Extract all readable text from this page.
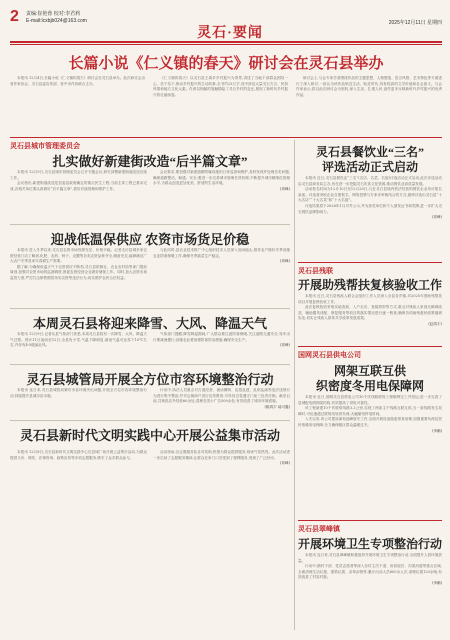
2 责编:崔艳蓉 校对:李君莉
E-mail:lcxbjb024@163.com	2025年12月11日 星期四
灵石·要闻
长篇小说《仁义镇的春天》研讨会在灵石县举办

本报讯 12月4日,长篇小说《仁义镇的春天》研讨会在灵石县举办。此次研讨会由省作家协会、灵石县委宣传部、晋中市作协联合主办。

《仁义镇的春天》以灵石县王禹乡乡村振兴为背景,讲述了当地干部群众团结一心、苦干实干,推动乡村振兴的生动故事,全书约23万字,其中涉及大量灵石方言、民俗风情和地方文化元素。作者以细腻的笔触描绘了灵石乡村的变迁,展现了新时代乡村振兴的壮丽画卷。

研讨会上,与会专家学者围绕作品的主题思想、人物塑造、语言风格、艺术特色等方面进行了深入研讨,一致认为该作品贴近生活、贴近时代,具有较高的文学价值和社会意义。与会作家表示,将以此次研讨会为契机,深入生活、扎根人民,创作更多反映新时代乡村振兴的优秀作品。

灵石县城市管理委员会
扎实做好新建街改造“后半篇文章”

本报讯 12月9日,灵石县城市管理委员会召开专题会议,研究部署新建街道改造后续工作。

会议指出,新建街道改造是县委县政府确定的重点民生工程,当前主体工程已基本完成,各相关单位要认真做好“后半篇文章”,抓好后续管理和维护工作。

会议要求,要加强对新建道路附属设施的日常巡查和维护,及时发现并处理各类问题,确保道路整洁、畅通、安全;要进一步完善城市管理长效机制,不断提升城市精细化管理水平,为群众创造更加优美、舒适的生活环境。

(刘峰)
迎战低温保供应 农资市场货足价稳

本报讯 进入冬季以来,灵石县农资市场货源充足、价格平稳。记者走访县城多家农资经营门店了解到,化肥、农药、种子、农膜等各类农资品种齐全,储备充足,能够满足广大农户冬季及来年春耕生产需要。

据了解,为确保低温天气下农资供应不断档,灵石县供销社、农业农村局等部门提前谋划,加强对农资市场的监测调度,督促农资经营企业做好储备工作。同时,加大农资市场监管力度,严厉打击制售假冒伪劣农资等违法行为,切实维护农民合法权益。

与此同时,县农业技术推广中心组织技术人员深入田间地头,指导农户做好冬季设施农业防寒保暖工作,确保冬季蔬菜生产稳定。

(刘峰)
本周灵石县将迎来降雪、大风、降温天气

本报讯 12月9日,记者从县气象部门获悉,本周灵石县将有一次降雪、大风、降温天气过程。预计11日夜间至12日,全县有小雪,气温下降明显,最低气温可达零下10℃左右,并伴有4-5级偏北风。

气象部门提醒,降雪降温期间,广大群众要注意防寒保暖,关注道路交通安全,驾车出行要减速慢行;设施农业要加强防寒防冻措施,确保安全生产。

(刘峰)
灵石县城管局开展全方位市容环境整治行动

本报讯 连日来,灵石县城管局紧盯市容环境突出问题,开展全方位市容环境整治行动,持续提升县城市容市貌。

行动中,执法人员重点对占道经营、流动摊贩、乱搭乱建、乱贴乱画等违法违规行为进行集中整治,并对沿街商户进行宣传教育,引导其自觉遵守门前三包责任制。截至目前,共规范店外经营60余处,清理各类小广告500余处,有效改善了城市环境面貌。

(姚鸿宇 郝可鑫)
灵石县新时代文明实践中心开展公益集市活动

本报讯 12月8日,灵石县新时代文明实践中心在县城广场开展公益集市活动,为群众提供义诊、理发、法律咨询、政策宣传等多项志愿服务,吸引了众多群众参与。

活动现场,各志愿服务队各司其职,热情为群众提供服务,现场气氛热烈。此次活动进一步弘扬了志愿服务精神,让群众在家门口享受到了便利服务,受到了广泛好评。

(刘峰)
灵石县餐饮业“三名”
评选活动正式启动

本报讯 近日,灵石县餐饮业“三名”(名店、名菜、名厨)评选活动正式启动,此次评选活动由灵石县商务局主办,旨在进一步挖掘灵石饮食文化资源,推动餐饮业高质量发展。

活动报名时间为12月10日至12月20日,凡在灵石县境内依法经营的餐饮企业均可报名参加。评选将采取企业自愿报名、网络投票与专家评审相结合的方式,最终评选出灵石县“十大名店”“十大名菜”和“十大名厨”。

评选结果将于2026年1月对外公示,并为获奖单位和个人颁发证书和奖牌,进一步扩大灵石餐饮品牌影响力。

(刘峰)
灵石县残联
开展助残帮扶复核验收工作

本报讯 近日,灵石县残疾人联合会组织工作人员深入全县各乡镇,对2025年度助残帮扶项目开展复核验收工作。

此次复核验收采取实地查看、入户走访、查阅资料等方式,重点对残疾人家庭无障碍改造、辅助器具适配、康复服务等项目的落实情况进行逐一核查,确保各项助残惠民政策落到实处,切实让残疾人群体共享改革发展成果。

(赵鸿宇)
国网灵石县供电公司
网架互联互供
织密度冬用电保障网

本报讯 近日,国网灵石县供电公司10千伏线路联络工程顺利完工并投运,进一步完善了县城配电网网架结构,有效提高了供电可靠性。

该工程新建10千伏联络线路3.2公里,实现了两条主干线路互联互供,当一条线路发生故障时,可迅速通过联络线转供负荷,大幅缩短停电时间。

入冬以来,该公司提前谋划迎峰度冬工作,全面开展设备隐患排查治理,加强重要负荷及居民取暖用电保障,全力确保辖区群众温暖过冬。

(李鹏)
灵石县翠峰镇
开展环境卫生专项整治行动

本报讯 连日来,灵石县翠峰镇积极组织开展环境卫生专项整治行动,全面提升人居环境质量。

行动中,镇村干部、党员志愿者等深入各村主次干道、房前屋后、沟渠河道等重点区域,全面清理生活垃圾、建筑垃圾、杂草杂物等,累计出动人员600余人次,清理垃圾120余吨,有效改善了村容村貌。

(李鹏)
